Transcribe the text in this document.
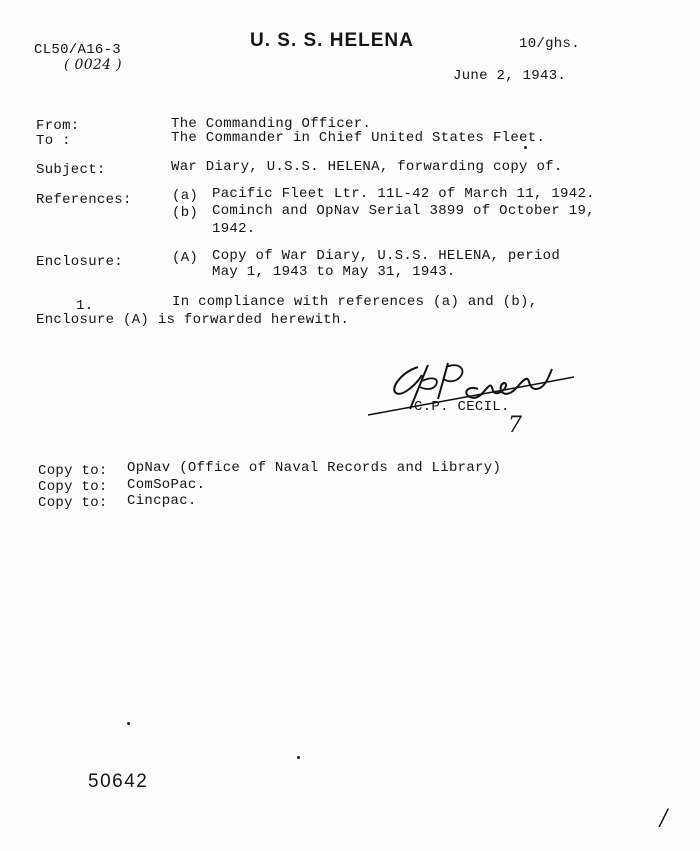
CL50/A16-3
( 0024 )
U. S. S. HELENA	10/ghs.
June 2, 1943.
From:	The Commanding Officer.
To :	The Commander in Chief United States Fleet.
Subject:	War Diary, U.S.S. HELENA, forwarding copy of.
References:	(a) Pacific Fleet Ltr. 11L-42 of March 11, 1942.
(b) Cominch and OpNav Serial 3899 of October 19,
1942.
Enclosure:	(A) Copy of War Diary, U.S.S. HELENA, period
May 1, 1943 to May 31, 1943.
1.	In compliance with references (a) and (b),
Enclosure (A) is forwarded herewith.
C.P. CECIL.
7
Copy to: OpNav (Office of Naval Records and Library)
Copy to: ComSoPac.
Copy to: Cincpac.
50642
/
